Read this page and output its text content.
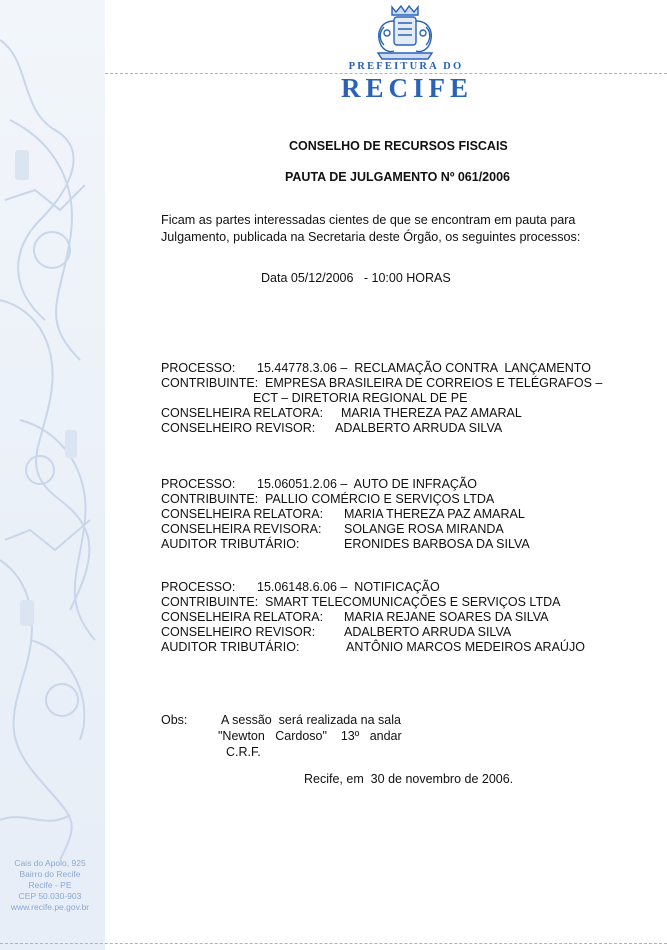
PREFEITURA DO
RECIFE
CONSELHO DE RECURSOS FISCAIS
PAUTA DE JULGAMENTO Nº 061/2006
Ficam as partes interessadas cientes de que se encontram em pauta para
Julgamento, publicada na Secretaria deste Órgão, os seguintes processos:
Data 05/12/2006   - 10:00 HORAS
PROCESSO: 15.44778.3.06 –  RECLAMAÇÃO CONTRA  LANÇAMENTO
CONTRIBUINTE: EMPRESA BRASILEIRA DE CORREIOS E TELÉGRAFOS –
ECT – DIRETORIA REGIONAL DE PE
CONSELHEIRA RELATORA: MARIA THEREZA PAZ AMARAL
CONSELHEIRO REVISOR: ADALBERTO ARRUDA SILVA
PROCESSO: 15.06051.2.06 –  AUTO DE INFRAÇÃO
CONTRIBUINTE: PALLIO COMÉRCIO E SERVIÇOS LTDA
CONSELHEIRA RELATORA: MARIA THEREZA PAZ AMARAL
CONSELHEIRA REVISORA: SOLANGE ROSA MIRANDA
AUDITOR TRIBUTÁRIO:	ERONIDES BARBOSA DA SILVA
PROCESSO: 15.06148.6.06 –  NOTIFICAÇÃO
CONTRIBUINTE: SMART TELECOMUNICAÇÕES E SERVIÇOS LTDA
CONSELHEIRA RELATORA: MARIA REJANE SOARES DA SILVA
CONSELHEIRO REVISOR: ADALBERTO ARRUDA SILVA
AUDITOR TRIBUTÁRIO:	ANTÔNIO MARCOS MEDEIROS ARAÚJO
Obs:	A sessão  será realizada na sala
"Newton   Cardoso"    13º   andar
C.R.F.
Recife, em  30 de novembro de 2006.
Cais do Apolo, 925
Bairro do Recife
Recife - PE
CEP 50.030-903
www.recife.pe.gov.br
